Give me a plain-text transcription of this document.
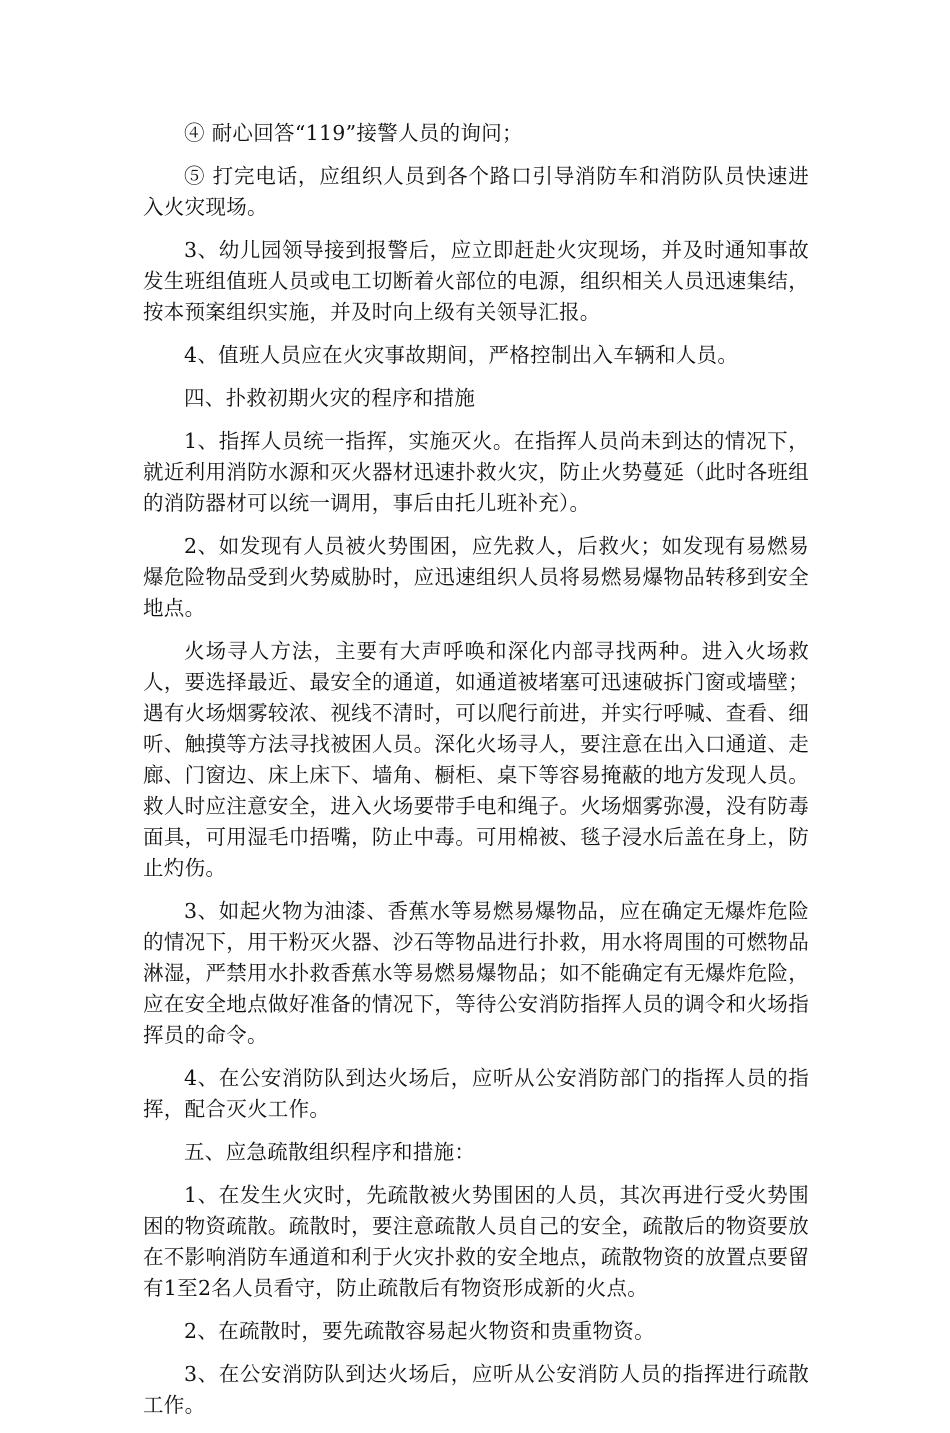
④ 耐心回答“119”接警人员的询问；

⑤ 打完电话，应组织人员到各个路口引导消防车和消防队员快速进入火灾现场。

3、幼儿园领导接到报警后，应立即赶赴火灾现场，并及时通知事故发生班组值班人员或电工切断着火部位的电源，组织相关人员迅速集结，按本预案组织实施，并及时向上级有关领导汇报。

4、值班人员应在火灾事故期间，严格控制出入车辆和人员。

四、扑救初期火灾的程序和措施

1、指挥人员统一指挥，实施灭火。在指挥人员尚未到达的情况下，就近利用消防水源和灭火器材迅速扑救火灾，防止火势蔓延（此时各班组的消防器材可以统一调用，事后由托儿班补充）。

2、如发现有人员被火势围困，应先救人，后救火；如发现有易燃易爆危险物品受到火势威胁时，应迅速组织人员将易燃易爆物品转移到安全地点。

火场寻人方法，主要有大声呼唤和深化内部寻找两种。进入火场救人，要选择最近、最安全的通道，如通道被堵塞可迅速破拆门窗或墙壁；遇有火场烟雾较浓、视线不清时，可以爬行前进，并实行呼喊、查看、细听、触摸等方法寻找被困人员。深化火场寻人，要注意在出入口通道、走廊、门窗边、床上床下、墙角、橱柜、桌下等容易掩蔽的地方发现人员。救人时应注意安全，进入火场要带手电和绳子。火场烟雾弥漫，没有防毒面具，可用湿毛巾捂嘴，防止中毒。可用棉被、毯子浸水后盖在身上，防止灼伤。

3、如起火物为油漆、香蕉水等易燃易爆物品，应在确定无爆炸危险的情况下，用干粉灭火器、沙石等物品进行扑救，用水将周围的可燃物品淋湿，严禁用水扑救香蕉水等易燃易爆物品；如不能确定有无爆炸危险，应在安全地点做好准备的情况下，等待公安消防指挥人员的调令和火场指挥员的命令。

4、在公安消防队到达火场后，应听从公安消防部门的指挥人员的指挥，配合灭火工作。

五、应急疏散组织程序和措施：

1、在发生火灾时，先疏散被火势围困的人员，其次再进行受火势围困的物资疏散。疏散时，要注意疏散人员自己的安全，疏散后的物资要放在不影响消防车通道和利于火灾扑救的安全地点，疏散物资的放置点要留有1至2名人员看守，防止疏散后有物资形成新的火点。

2、在疏散时，要先疏散容易起火物资和贵重物资。

3、在公安消防队到达火场后，应听从公安消防人员的指挥进行疏散工作。
